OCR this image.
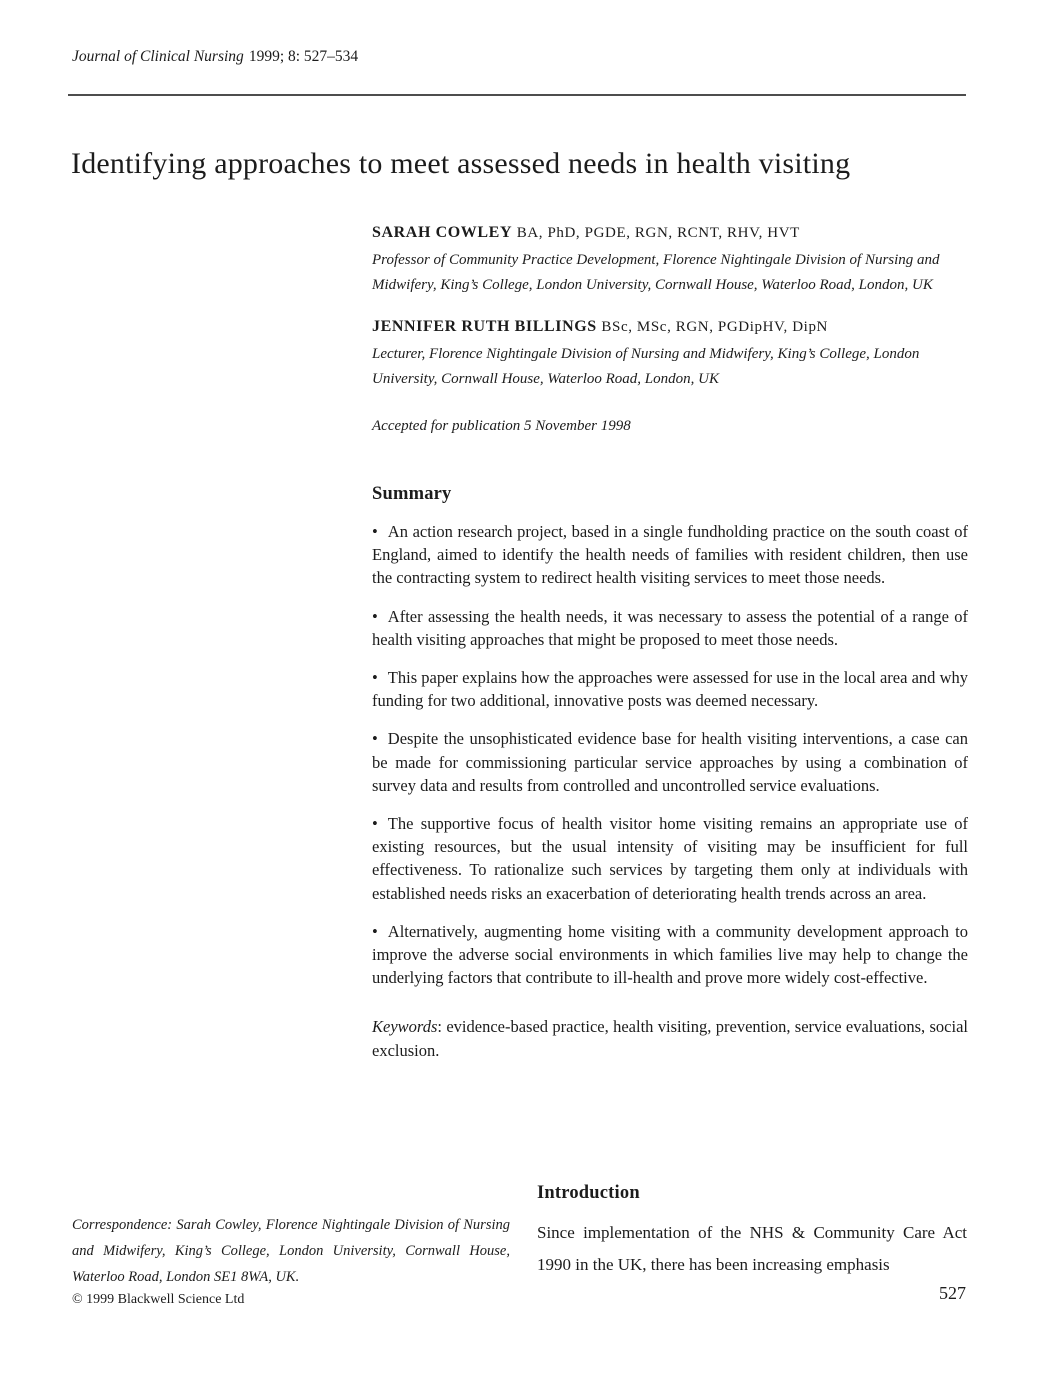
Journal of Clinical Nursing 1999; 8: 527–534
Identifying approaches to meet assessed needs in health visiting

SARAH COWLEY BA, PhD, PGDE, RGN, RCNT, RHV, HVT

Professor of Community Practice Development, Florence Nightingale Division of Nursing and Midwifery, King’s College, London University, Cornwall House, Waterloo Road, London, UK

JENNIFER RUTH BILLINGS BSc, MSc, RGN, PGDipHV, DipN

Lecturer, Florence Nightingale Division of Nursing and Midwifery, King’s College, London University, Cornwall House, Waterloo Road, London, UK

Accepted for publication 5 November 1998

Summary

• An action research project, based in a single fundholding practice on the south coast of England, aimed to identify the health needs of families with resident children, then use the contracting system to redirect health visiting services to meet those needs.

• After assessing the health needs, it was necessary to assess the potential of a range of health visiting approaches that might be proposed to meet those needs.

• This paper explains how the approaches were assessed for use in the local area and why funding for two additional, innovative posts was deemed necessary.

• Despite the unsophisticated evidence base for health visiting interventions, a case can be made for commissioning particular service approaches by using a combination of survey data and results from controlled and uncontrolled service evaluations.

• The supportive focus of health visitor home visiting remains an appropriate use of existing resources, but the usual intensity of visiting may be insufficient for full effectiveness. To rationalize such services by targeting them only at individuals with established needs risks an exacerbation of deteriorating health trends across an area.

• Alternatively, augmenting home visiting with a community development approach to improve the adverse social environments in which families live may help to change the underlying factors that contribute to ill-health and prove more widely cost-effective.

Keywords: evidence-based practice, health visiting, prevention, service evaluations, social exclusion.

Correspondence: Sarah Cowley, Florence Nightingale Division of Nursing and Midwifery, King’s College, London University, Cornwall House, Waterloo Road, London SE1 8WA, UK.
Introduction

Since implementation of the NHS & Community Care Act 1990 in the UK, there has been increasing emphasis

© 1999 Blackwell Science Ltd	527
